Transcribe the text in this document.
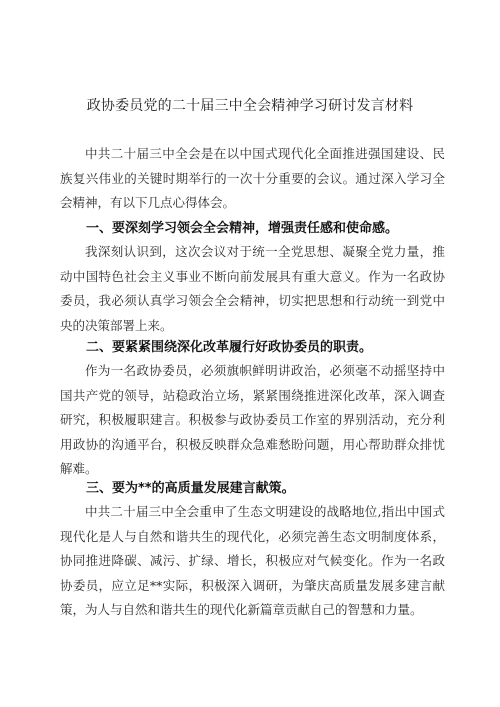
政协委员党的二十届三中全会精神学习研讨发言材料

中共二十届三中全会是在以中国式现代化全面推进强国建设、民族复兴伟业的关键时期举行的一次十分重要的会议。通过深入学习全会精神，有以下几点心得体会。

一、要深刻学习领会全会精神，增强责任感和使命感。

我深刻认识到，这次会议对于统一全党思想、凝聚全党力量，推动中国特色社会主义事业不断向前发展具有重大意义。作为一名政协委员，我必须认真学习领会全会精神，切实把思想和行动统一到党中央的决策部署上来。

二、要紧紧围绕深化改革履行好政协委员的职责。

作为一名政协委员，必须旗帜鲜明讲政治，必须毫不动摇坚持中国共产党的领导，站稳政治立场，紧紧围绕推进深化改革，深入调查研究，积极履职建言。积极参与政协委员工作室的界别活动，充分利用政协的沟通平台，积极反映群众急难愁盼问题，用心帮助群众排忧解难。

三、要为**的高质量发展建言献策。

中共二十届三中全会重申了生态文明建设的战略地位,指出中国式现代化是人与自然和谐共生的现代化，必须完善生态文明制度体系，协同推进降碳、减污、扩绿、增长，积极应对气候变化。作为一名政协委员，应立足**实际，积极深入调研，为肇庆高质量发展多建言献策，为人与自然和谐共生的现代化新篇章贡献自己的智慧和力量。
